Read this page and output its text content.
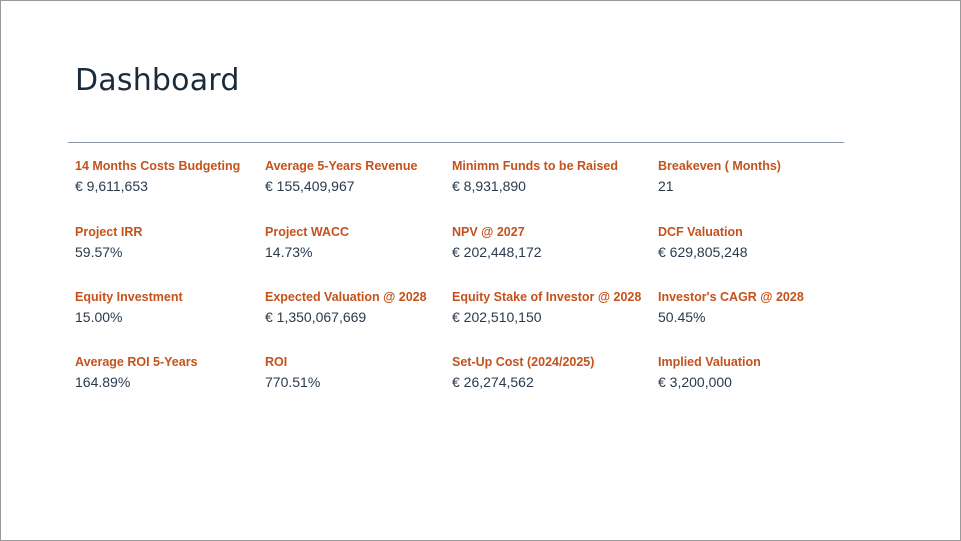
Dashboard
14 Months Costs Budgeting
€ 9,611,653
Average 5-Years Revenue
€ 155,409,967
Minimm Funds to be Raised
€ 8,931,890
Breakeven ( Months)
21
Project IRR
59.57%
Project WACC
14.73%
NPV @ 2027
€ 202,448,172
DCF Valuation
€ 629,805,248
Equity Investment
15.00%
Expected Valuation @ 2028
€ 1,350,067,669
Equity Stake of Investor @ 2028
€ 202,510,150
Investor's CAGR @ 2028
50.45%
Average ROI 5-Years
164.89%
ROI
770.51%
Set-Up Cost (2024/2025)
€ 26,274,562
Implied Valuation
€ 3,200,000
